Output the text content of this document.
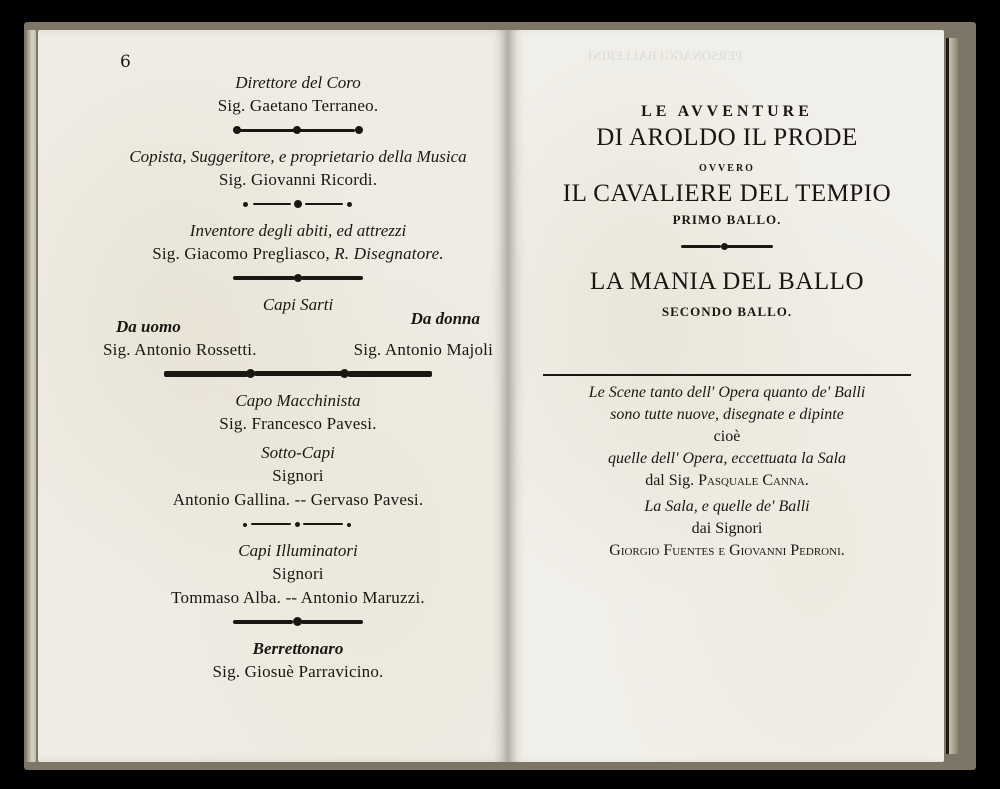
6
Direttore del Coro
Sig. Gaetano Terraneo.
Copista, Suggeritore, e proprietario della Musica
Sig. Giovanni Ricordi.
Inventore degli abiti, ed attrezzi
Sig. Giacomo Pregliasco, R. Disegnatore.
Capi Sarti
Da uomo	Da donna
Sig. Antonio Rossetti.	Sig. Antonio Majoli
Capo Macchinista
Sig. Francesco Pavesi.
Sotto-Capi
Signori
Antonio Gallina. -- Gervaso Pavesi.
Capi Illuminatori
Signori
Tommaso Alba. -- Antonio Maruzzi.
Berrettonaro
Sig. Giosuè Parravicino.
PERSONAGGI BALLERINI
LE AVVENTURE
DI AROLDO IL PRODE
OVVERO
IL CAVALIERE DEL TEMPIO
PRIMO BALLO.
LA MANIA DEL BALLO
SECONDO BALLO.
Le Scene tanto dell' Opera quanto de' Balli
sono tutte nuove, disegnate e dipinte
cioè
quelle dell' Opera, eccettuata la Sala
dal Sig. Pasquale Canna.
La Sala, e quelle de' Balli
dai Signori
Giorgio Fuentes e Giovanni Pedroni.
